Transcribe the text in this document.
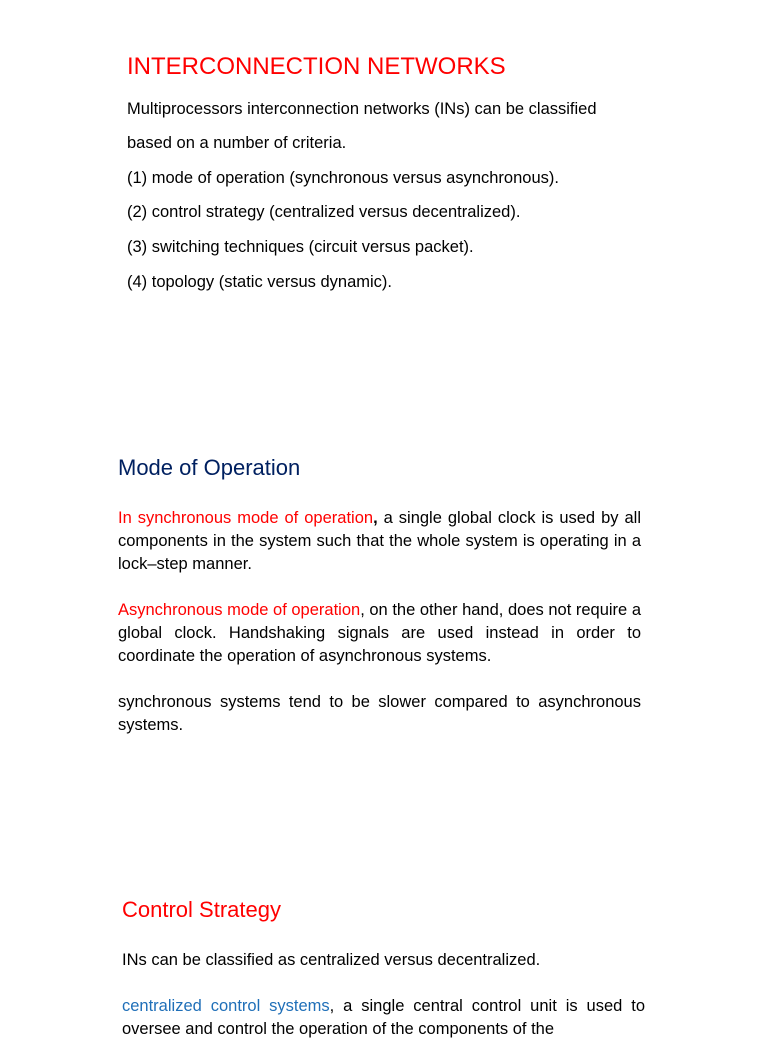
INTERCONNECTION NETWORKS
Multiprocessors interconnection networks (INs) can be classified
based on a number of criteria.
(1) mode of operation (synchronous versus asynchronous).
(2) control strategy (centralized versus decentralized).
(3) switching techniques (circuit versus packet).
(4) topology (static versus dynamic).
Mode of Operation
In synchronous mode of operation, a single global clock is used by all components in the system such that the whole system is operating in a lock–step manner.
Asynchronous mode of operation, on the other hand, does not require a global clock. Handshaking signals are used instead in order to coordinate the operation of asynchronous systems.
synchronous systems tend to be slower compared to asynchronous systems.
Control Strategy
INs can be classified as centralized versus decentralized.
centralized control systems, a single central control unit is used to oversee and control the operation of the components of the
